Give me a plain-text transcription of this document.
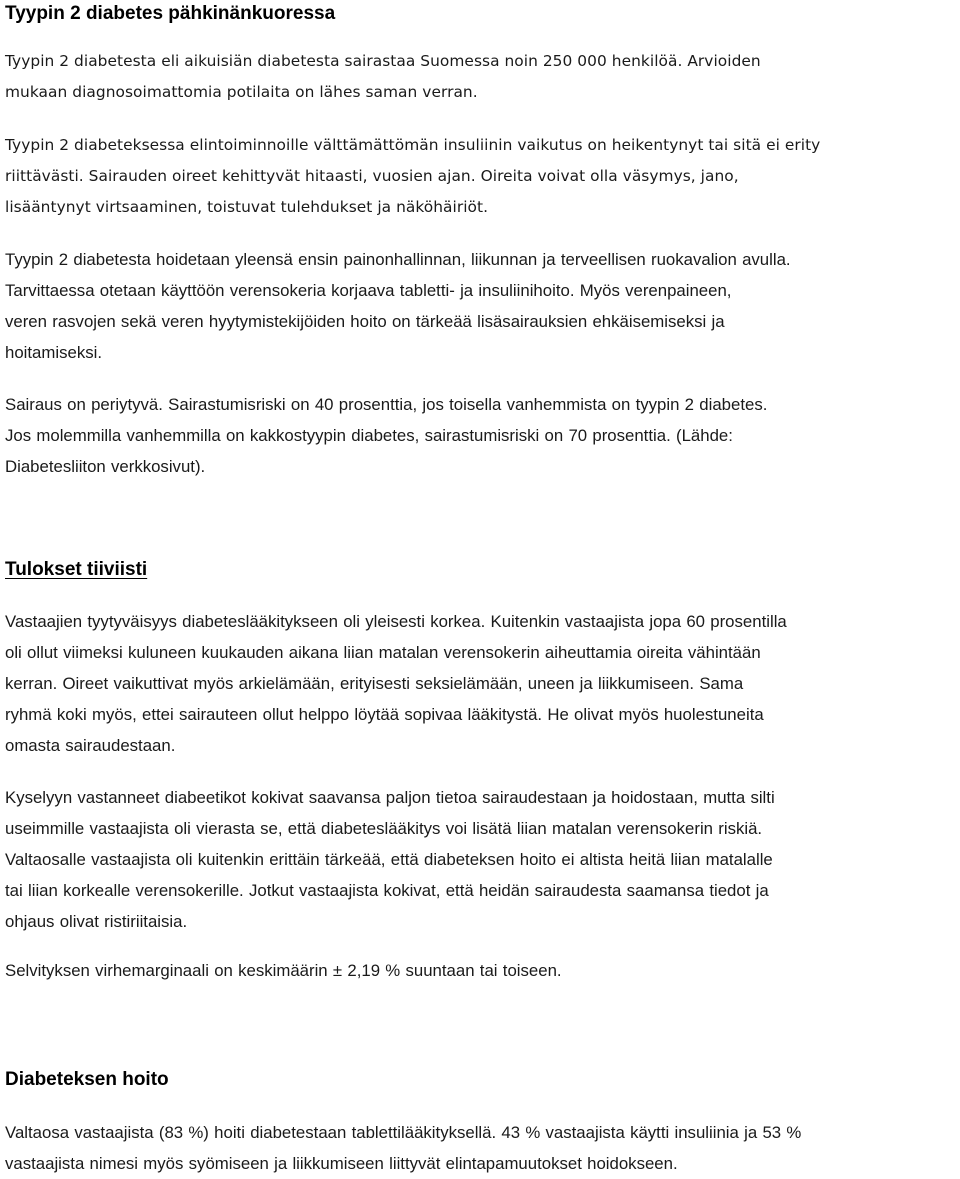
Tyypin 2 diabetes pähkinänkuoressa

Tyypin 2 diabetesta eli aikuisiän diabetesta sairastaa Suomessa noin 250 000 henkilöä. Arvioiden
mukaan diagnosoimattomia potilaita on lähes saman verran.

Tyypin 2 diabeteksessa elintoiminnoille välttämättömän insuliinin vaikutus on heikentynyt tai sitä ei erity
riittävästi. Sairauden oireet kehittyvät hitaasti, vuosien ajan. Oireita voivat olla väsymys, jano,
lisääntynyt virtsaaminen, toistuvat tulehdukset ja näköhäiriöt.

Tyypin 2 diabetesta hoidetaan yleensä ensin painonhallinnan, liikunnan ja terveellisen ruokavalion avulla.
Tarvittaessa otetaan käyttöön verensokeria korjaava tabletti- ja insuliinihoito. Myös verenpaineen,
veren rasvojen sekä veren hyytymistekijöiden hoito on tärkeää lisäsairauksien ehkäisemiseksi ja
hoitamiseksi.

Sairaus on periytyvä. Sairastumisriski on 40 prosenttia, jos toisella vanhemmista on tyypin 2 diabetes.
Jos molemmilla vanhemmilla on kakkostyypin diabetes, sairastumisriski on 70 prosenttia. (Lähde:
Diabetesliiton verkkosivut).

Tulokset tiiviisti

Vastaajien tyytyväisyys diabeteslääkitykseen oli yleisesti korkea. Kuitenkin vastaajista jopa 60 prosentilla
oli ollut viimeksi kuluneen kuukauden aikana liian matalan verensokerin aiheuttamia oireita vähintään
kerran. Oireet vaikuttivat myös arkielämään, erityisesti seksielämään, uneen ja liikkumiseen. Sama
ryhmä koki myös, ettei sairauteen ollut helppo löytää sopivaa lääkitystä. He olivat myös huolestuneita
omasta sairaudestaan.

Kyselyyn vastanneet diabeetikot kokivat saavansa paljon tietoa sairaudestaan ja hoidostaan, mutta silti
useimmille vastaajista oli vierasta se, että diabeteslääkitys voi lisätä liian matalan verensokerin riskiä.
Valtaosalle vastaajista oli kuitenkin erittäin tärkeää, että diabeteksen hoito ei altista heitä liian matalalle
tai liian korkealle verensokerille. Jotkut vastaajista kokivat, että heidän sairaudesta saamansa tiedot ja
ohjaus olivat ristiriitaisia.

Selvityksen virhemarginaali on keskimäärin ± 2,19 % suuntaan tai toiseen.

Diabeteksen hoito

Valtaosa vastaajista (83 %) hoiti diabetestaan tablettilääkityksellä. 43 % vastaajista käytti insuliinia ja 53 %
vastaajista nimesi myös syömiseen ja liikkumiseen liittyvät elintapamuutokset hoidokseen.
